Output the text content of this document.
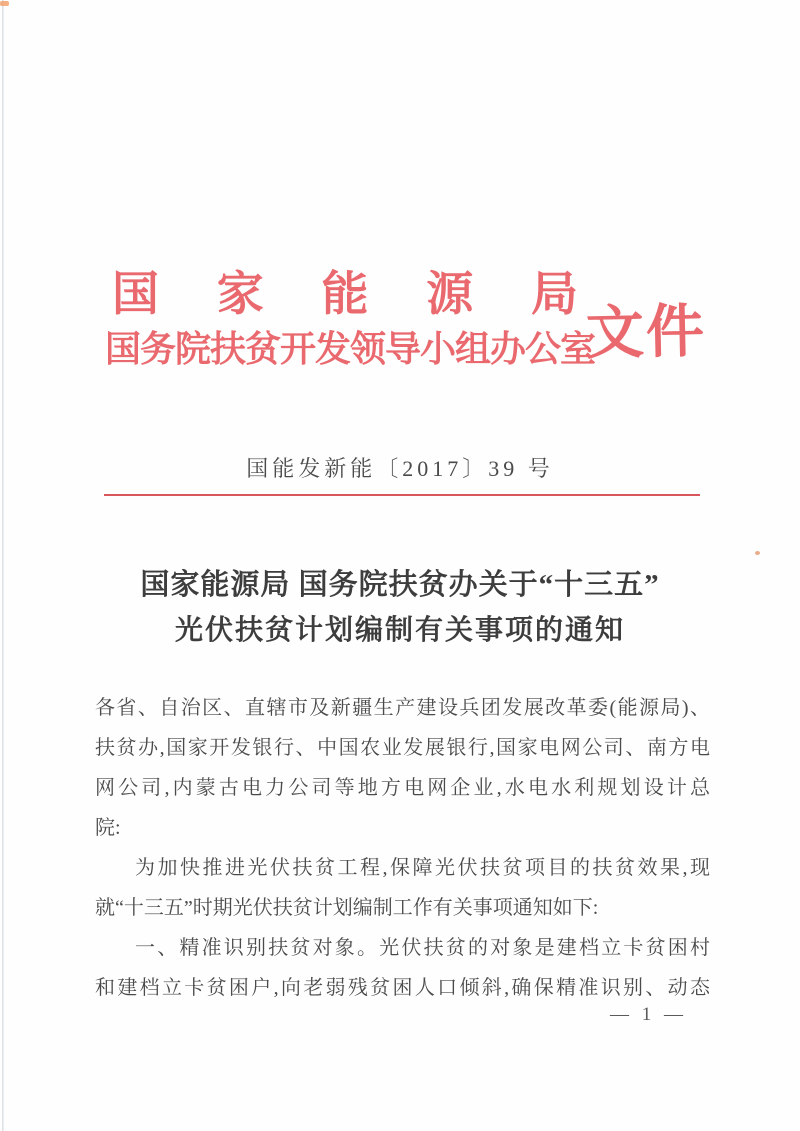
国 家 能 源 局
国务院扶贫开发领导小组办公室
文件
国能发新能〔2017〕39 号
国家能源局 国务院扶贫办关于“十三五”
光伏扶贫计划编制有关事项的通知
各省、自治区、直辖市及新疆生产建设兵团发展改革委(能源局)、
扶贫办,国家开发银行、中国农业发展银行,国家电网公司、南方电
网公司,内蒙古电力公司等地方电网企业,水电水利规划设计总
院:
为加快推进光伏扶贫工程,保障光伏扶贫项目的扶贫效果,现
就“十三五”时期光伏扶贫计划编制工作有关事项通知如下:
一、精准识别扶贫对象。光伏扶贫的对象是建档立卡贫困村
和建档立卡贫困户,向老弱残贫困人口倾斜,确保精准识别、动态
— 1 —
